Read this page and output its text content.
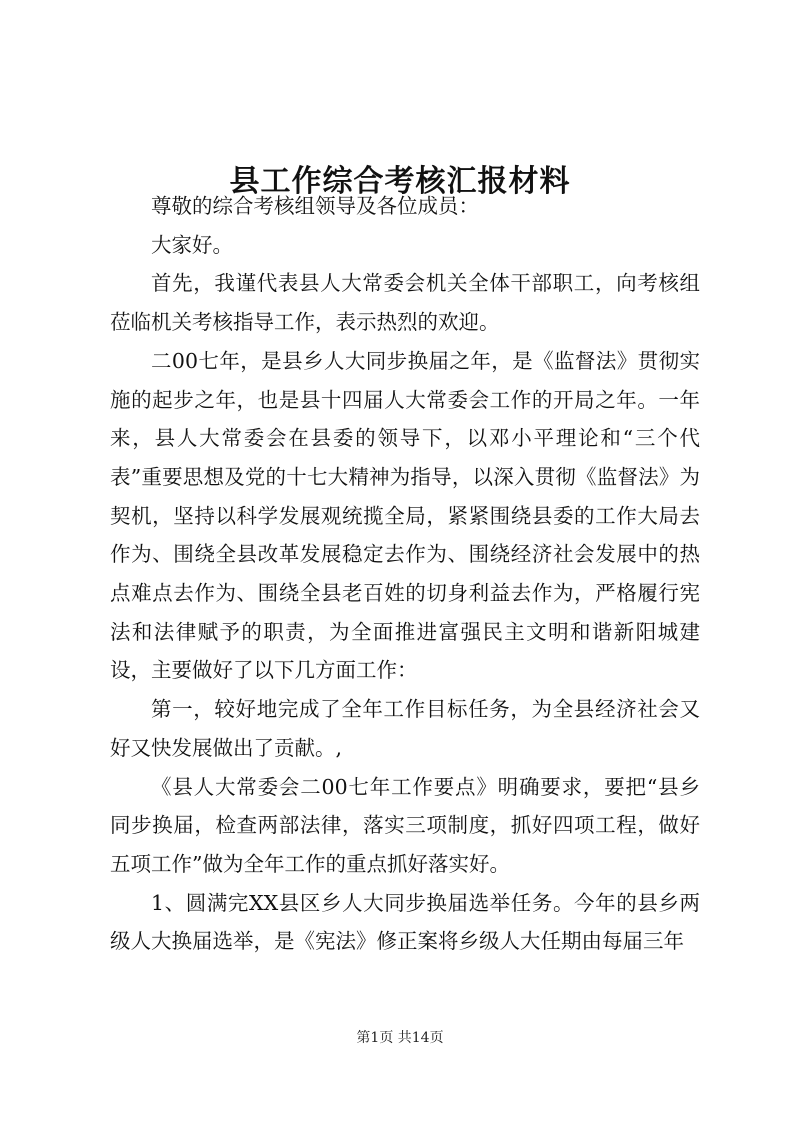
县工作综合考核汇报材料

尊敬的综合考核组领导及各位成员：

大家好。

首先，我谨代表县人大常委会机关全体干部职工，向考核组莅临机关考核指导工作，表示热烈的欢迎。

二00七年，是县乡人大同步换届之年，是《监督法》贯彻实施的起步之年，也是县十四届人大常委会工作的开局之年。一年来，县人大常委会在县委的领导下，以邓小平理论和“三个代表”重要思想及党的十七大精神为指导，以深入贯彻《监督法》为契机，坚持以科学发展观统揽全局，紧紧围绕县委的工作大局去作为、围绕全县改革发展稳定去作为、围绕经济社会发展中的热点难点去作为、围绕全县老百姓的切身利益去作为，严格履行宪法和法律赋予的职责，为全面推进富强民主文明和谐新阳城建设，主要做好了以下几方面工作：

第一，较好地完成了全年工作目标任务，为全县经济社会又好又快发展做出了贡献。,

《县人大常委会二00七年工作要点》明确要求，要把“县乡同步换届，检查两部法律，落实三项制度，抓好四项工程，做好五项工作”做为全年工作的重点抓好落实好。

1、圆满完XX县区乡人大同步换届选举任务。今年的县乡两级人大换届选举，是《宪法》修正案将乡级人大任期由每届三年

第1页 共14页
